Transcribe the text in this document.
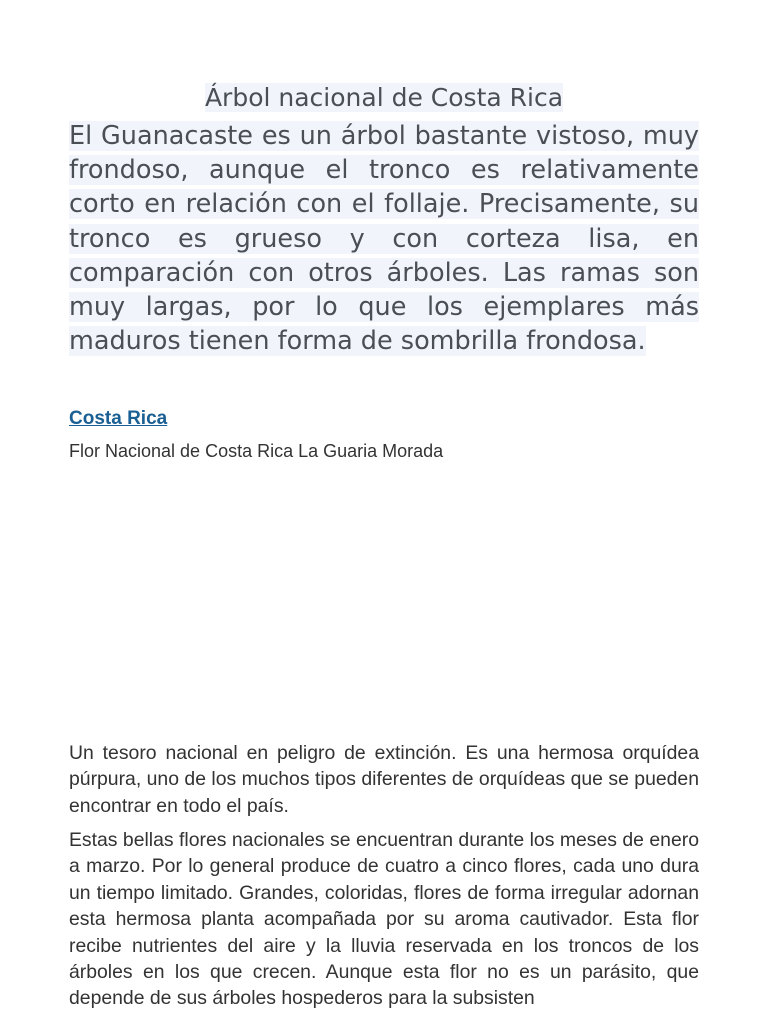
Árbol nacional de Costa Rica

El Guanacaste es un árbol bastante vistoso, muy frondoso, aunque el tronco es relativamente corto en relación con el follaje. Precisamente, su tronco es grueso y con corteza lisa, en comparación con otros árboles. Las ramas son muy largas, por lo que los ejemplares más maduros tienen forma de sombrilla frondosa.

Costa Rica

Flor Nacional de Costa Rica La Guaria Morada

Un tesoro nacional en peligro de extinción. Es una hermosa orquídea púrpura, uno de los muchos tipos diferentes de orquídeas que se pueden encontrar en todo el país.

Estas bellas flores nacionales se encuentran durante los meses de enero a marzo. Por lo general produce de cuatro a cinco flores, cada uno dura un tiempo limitado. Grandes, coloridas, flores de forma irregular adornan esta hermosa planta acompañada por su aroma cautivador. Esta flor recibe nutrientes del aire y la lluvia reservada en los troncos de los árboles en los que crecen. Aunque esta flor no es un parásito, que depende de sus árboles hospederos para la subsisten
